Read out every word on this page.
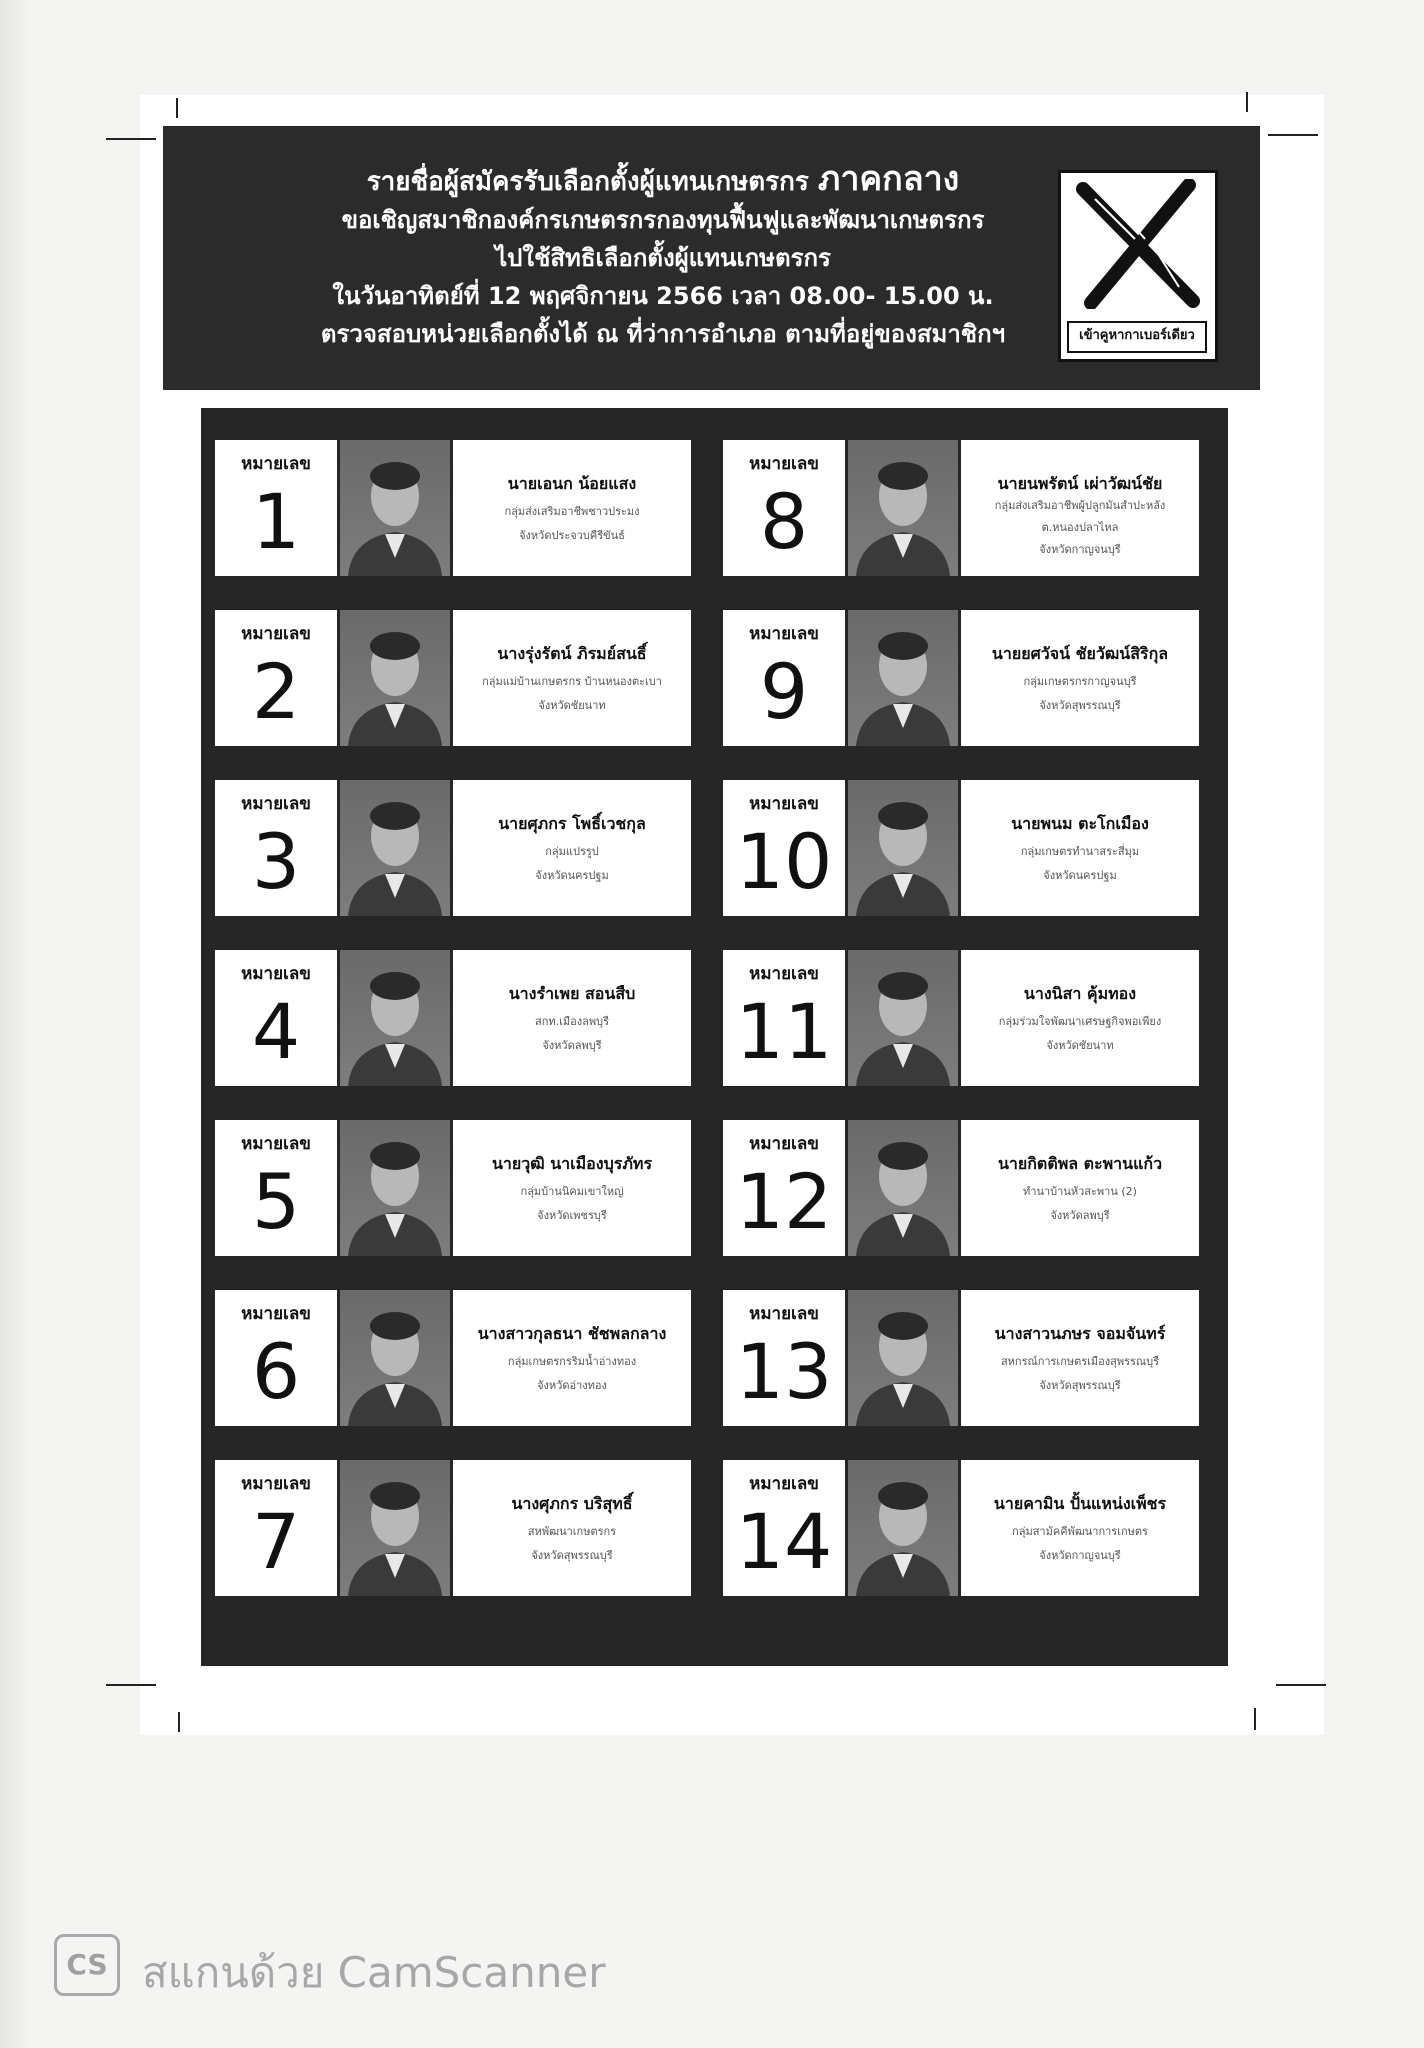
รายชื่อผู้สมัครรับเลือกตั้งผู้แทนเกษตรกร ภาคกลาง
ขอเชิญสมาชิกองค์กรเกษตรกรกองทุนฟื้นฟูและพัฒนาเกษตรกร
ไปใช้สิทธิเลือกตั้งผู้แทนเกษตรกร
ในวันอาทิตย์ที่ 12 พฤศจิกายน 2566 เวลา 08.00- 15.00 น.
ตรวจสอบหน่วยเลือกตั้งได้ ณ ที่ว่าการอำเภอ ตามที่อยู่ของสมาชิกฯ	เข้าคูหากาเบอร์เดียว
หมายเลข
1	นายเอนก น้อยแสง
กลุ่มส่งเสริมอาชีพชาวประมง
จังหวัดประจวบคีรีขันธ์
หมายเลข
2	นางรุ่งรัตน์ ภิรมย์สนธิ์
กลุ่มแม่บ้านเกษตรกร บ้านหนองตะเบา
จังหวัดชัยนาท
หมายเลข
3	นายศุภกร โพธิ์เวชกุล
กลุ่มแปรรูป
จังหวัดนครปฐม
หมายเลข
4	นางรำเพย สอนสืบ
สกท.เมืองลพบุรี
จังหวัดลพบุรี
หมายเลข
5	นายวุฒิ นาเมืองบุรภัทร
กลุ่มบ้านนิคมเขาใหญ่
จังหวัดเพชรบุรี
หมายเลข
6	นางสาวกุลธนา ชัชพลกลาง
กลุ่มเกษตรกรริมน้ำอ่างทอง
จังหวัดอ่างทอง
หมายเลข
7	นางศุภกร บริสุทธิ์
สหพัฒนาเกษตรกร
จังหวัดสุพรรณบุรี
หมายเลข
8	นายนพรัตน์ เผ่าวัฒน์ชัย
กลุ่มส่งเสริมอาชีพผู้ปลูกมันสำปะหลัง
ต.หนองปลาไหล
จังหวัดกาญจนบุรี
หมายเลข
9	นายยศวัจน์ ชัยวัฒน์สิริกุล
กลุ่มเกษตรกรกาญจนบุรี
จังหวัดสุพรรณบุรี
หมายเลข
10	นายพนม ตะโกเมือง
กลุ่มเกษตรทำนาสระสี่มุม
จังหวัดนครปฐม
หมายเลข
11	นางนิสา คุ้มทอง
กลุ่มร่วมใจพัฒนาเศรษฐกิจพอเพียง
จังหวัดชัยนาท
หมายเลข
12	นายกิตติพล ตะพานแก้ว
ทำนาบ้านหัวสะพาน (2)
จังหวัดลพบุรี
หมายเลข
13	นางสาวนภษร จอมจันทร์
สหกรณ์การเกษตรเมืองสุพรรณบุรี
จังหวัดสุพรรณบุรี
หมายเลข
14	นายคามิน ปั้นแหน่งเพ็ชร
กลุ่มสามัคคีพัฒนาการเกษตร
จังหวัดกาญจนบุรี
CS สแกนด้วย CamScanner
